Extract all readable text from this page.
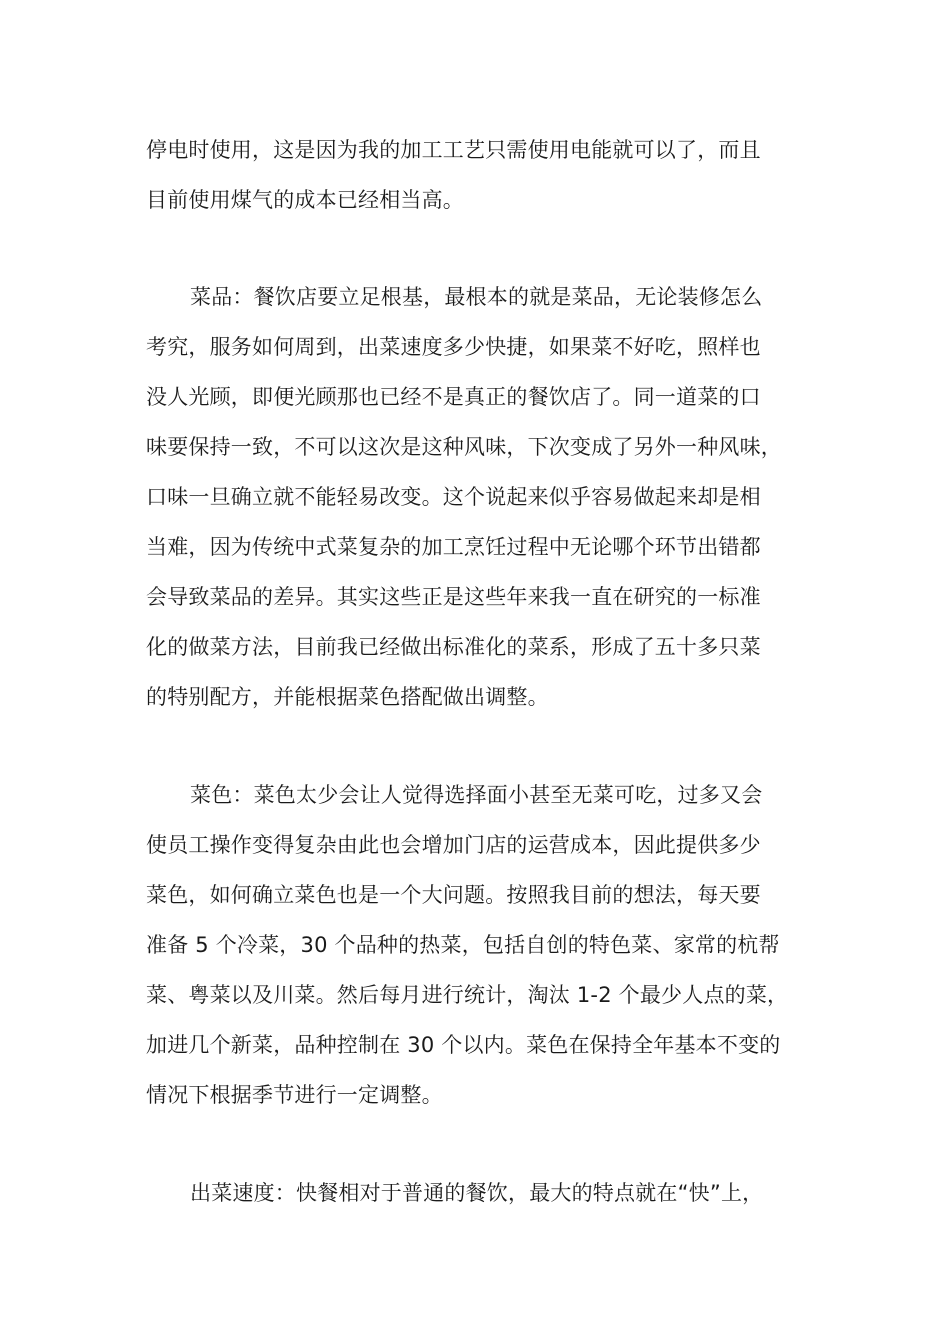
停电时使用，这是因为我的加工工艺只需使用电能就可以了，而且
目前使用煤气的成本已经相当高。
菜品：餐饮店要立足根基，最根本的就是菜品，无论装修怎么
考究，服务如何周到，出菜速度多少快捷，如果菜不好吃，照样也
没人光顾，即便光顾那也已经不是真正的餐饮店了。同一道菜的口
味要保持一致，不可以这次是这种风味，下次变成了另外一种风味，
口味一旦确立就不能轻易改变。这个说起来似乎容易做起来却是相
当难，因为传统中式菜复杂的加工烹饪过程中无论哪个环节出错都
会导致菜品的差异。其实这些正是这些年来我一直在研究的一标准
化的做菜方法，目前我已经做出标准化的菜系，形成了五十多只菜
的特别配方，并能根据菜色搭配做出调整。
菜色：菜色太少会让人觉得选择面小甚至无菜可吃，过多又会
使员工操作变得复杂由此也会增加门店的运营成本，因此提供多少
菜色，如何确立菜色也是一个大问题。按照我目前的想法，每天要
准备 5 个冷菜，30 个品种的热菜，包括自创的特色菜、家常的杭帮
菜、粤菜以及川菜。然后每月进行统计，淘汰 1-2 个最少人点的菜，
加进几个新菜，品种控制在 30 个以内。菜色在保持全年基本不变的
情况下根据季节进行一定调整。
出菜速度：快餐相对于普通的餐饮，最大的特点就在“快”上，
